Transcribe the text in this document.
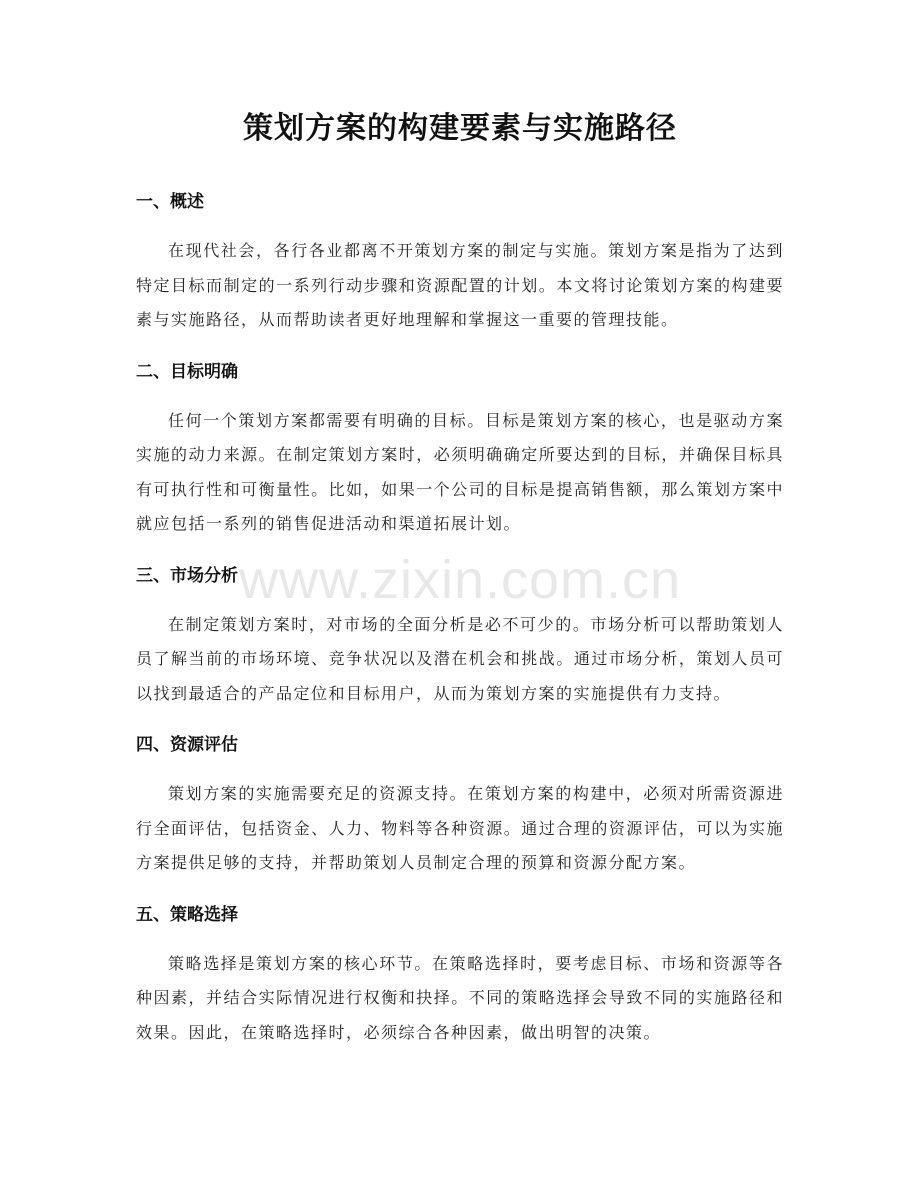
策划方案的构建要素与实施路径
一、概述

在现代社会，各行各业都离不开策划方案的制定与实施。策划方案是指为了达到特定目标而制定的一系列行动步骤和资源配置的计划。本文将讨论策划方案的构建要素与实施路径，从而帮助读者更好地理解和掌握这一重要的管理技能。

二、目标明确

任何一个策划方案都需要有明确的目标。目标是策划方案的核心，也是驱动方案实施的动力来源。在制定策划方案时，必须明确确定所要达到的目标，并确保目标具有可执行性和可衡量性。比如，如果一个公司的目标是提高销售额，那么策划方案中就应包括一系列的销售促进活动和渠道拓展计划。

三、市场分析

在制定策划方案时，对市场的全面分析是必不可少的。市场分析可以帮助策划人员了解当前的市场环境、竞争状况以及潜在机会和挑战。通过市场分析，策划人员可以找到最适合的产品定位和目标用户，从而为策划方案的实施提供有力支持。

四、资源评估

策划方案的实施需要充足的资源支持。在策划方案的构建中，必须对所需资源进行全面评估，包括资金、人力、物料等各种资源。通过合理的资源评估，可以为实施方案提供足够的支持，并帮助策划人员制定合理的预算和资源分配方案。

五、策略选择

策略选择是策划方案的核心环节。在策略选择时，要考虑目标、市场和资源等各种因素，并结合实际情况进行权衡和抉择。不同的策略选择会导致不同的实施路径和效果。因此，在策略选择时，必须综合各种因素，做出明智的决策。

www.zixin.com.cn
